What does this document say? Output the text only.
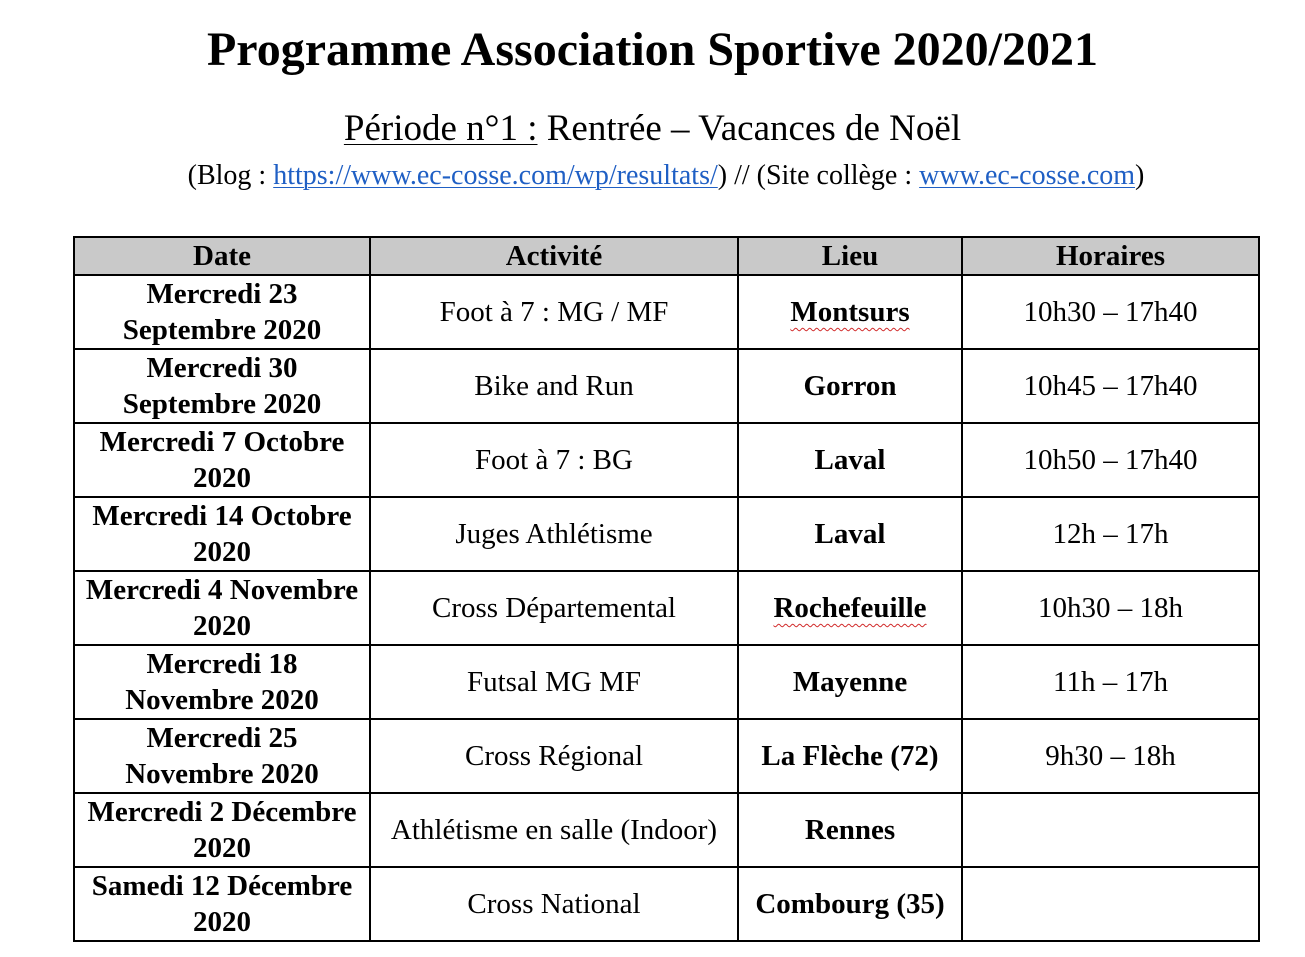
Programme Association Sportive 2020/2021
Période n°1 : Rentrée – Vacances de Noël
(Blog : https://www.ec-cosse.com/wp/resultats/) // (Site collège : www.ec-cosse.com)
Date	Activité	Lieu	Horaires
Mercredi 23 Septembre 2020	Foot à 7 : MG / MF	Montsurs	10h30 – 17h40
Mercredi 30 Septembre 2020	Bike and Run	Gorron	10h45 – 17h40
Mercredi 7 Octobre 2020	Foot à 7 : BG	Laval	10h50 – 17h40
Mercredi 14 Octobre 2020	Juges Athlétisme	Laval	12h – 17h
Mercredi 4 Novembre 2020	Cross Départemental	Rochefeuille	10h30 – 18h
Mercredi 18 Novembre 2020	Futsal MG MF	Mayenne	11h – 17h
Mercredi 25 Novembre 2020	Cross Régional	La Flèche (72)	9h30 – 18h
Mercredi 2 Décembre 2020	Athlétisme en salle (Indoor)	Rennes	
Samedi 12 Décembre 2020	Cross National	Combourg (35)	
